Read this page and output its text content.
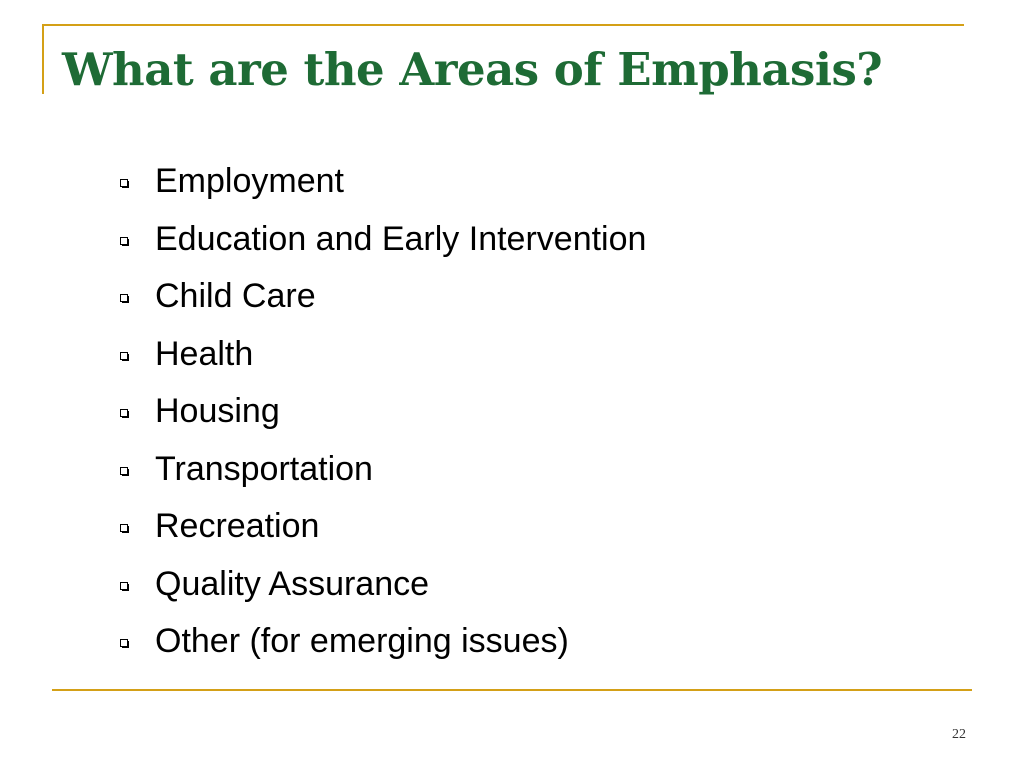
What are the Areas of Emphasis?
Employment
Education and Early Intervention
Child Care
Health
Housing
Transportation
Recreation
Quality Assurance
Other (for emerging issues)
22
